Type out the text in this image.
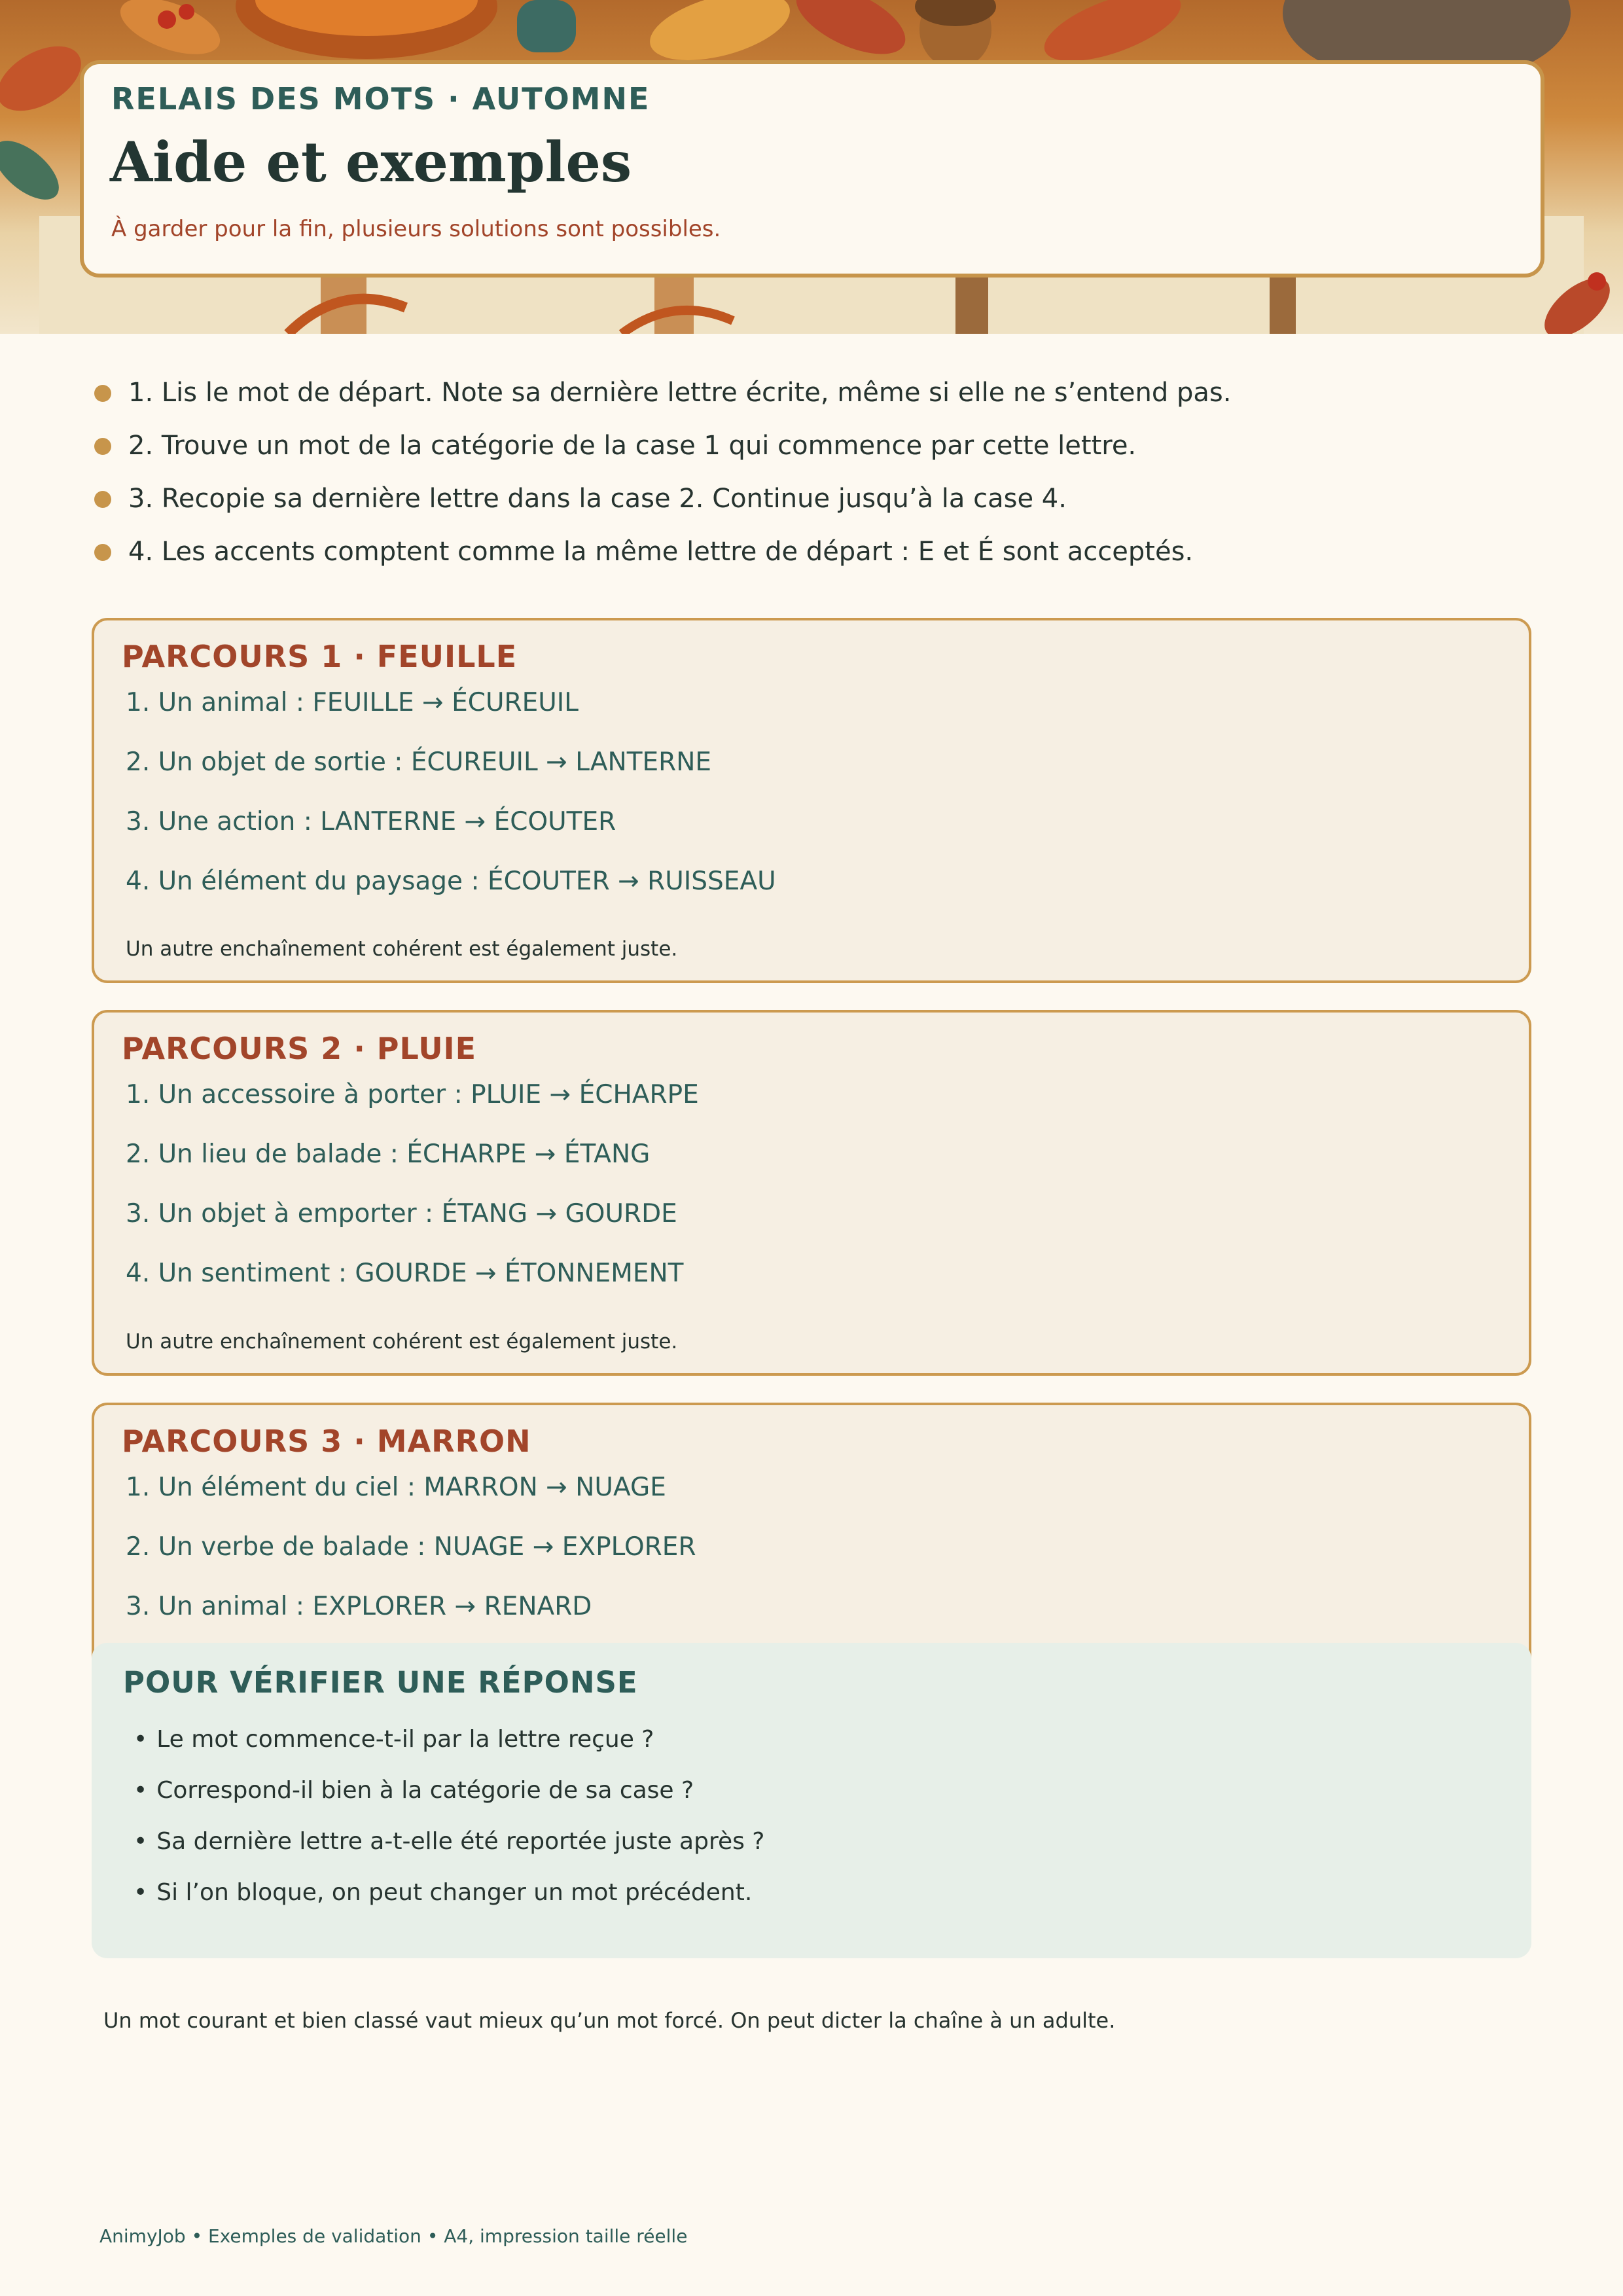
RELAIS DES MOTS · AUTOMNE
Aide et exemples
À garder pour la fin, plusieurs solutions sont possibles.
1. Lis le mot de départ. Note sa dernière lettre écrite, même si elle ne s’entend pas.
2. Trouve un mot de la catégorie de la case 1 qui commence par cette lettre.
3. Recopie sa dernière lettre dans la case 2. Continue jusqu’à la case 4.
4. Les accents comptent comme la même lettre de départ : E et É sont acceptés.
PARCOURS 1 · FEUILLE
1. Un animal : FEUILLE → ÉCUREUIL
2. Un objet de sortie : ÉCUREUIL → LANTERNE
3. Une action : LANTERNE → ÉCOUTER
4. Un élément du paysage : ÉCOUTER → RUISSEAU
Un autre enchaînement cohérent est également juste.
PARCOURS 2 · PLUIE
1. Un accessoire à porter : PLUIE → ÉCHARPE
2. Un lieu de balade : ÉCHARPE → ÉTANG
3. Un objet à emporter : ÉTANG → GOURDE
4. Un sentiment : GOURDE → ÉTONNEMENT
Un autre enchaînement cohérent est également juste.
PARCOURS 3 · MARRON
1. Un élément du ciel : MARRON → NUAGE
2. Un verbe de balade : NUAGE → EXPLORER
3. Un animal : EXPLORER → RENARD
POUR VÉRIFIER UNE RÉPONSE
• Le mot commence-t-il par la lettre reçue ?
• Correspond-il bien à la catégorie de sa case ?
• Sa dernière lettre a-t-elle été reportée juste après ?
• Si l’on bloque, on peut changer un mot précédent.

Un mot courant et bien classé vaut mieux qu’un mot forcé. On peut dicter la chaîne à un adulte.

AnimyJob • Exemples de validation • A4, impression taille réelle
